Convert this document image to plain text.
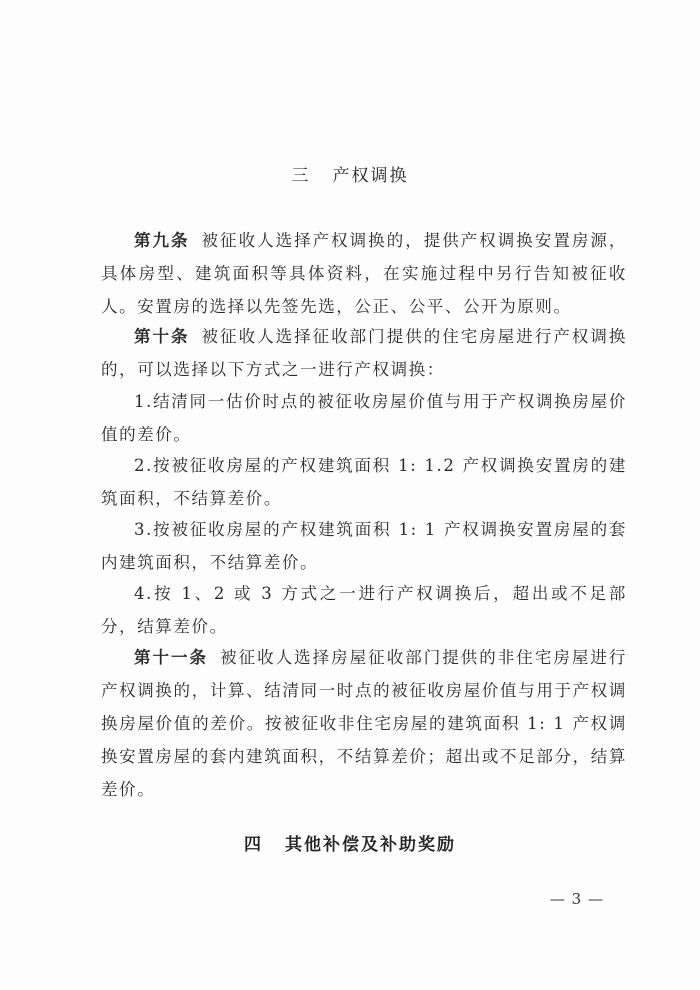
三 产权调换

第九条 被征收人选择产权调换的，提供产权调换安置房源，具体房型、建筑面积等具体资料，在实施过程中另行告知被征收人。安置房的选择以先签先选，公正、公平、公开为原则。

第十条 被征收人选择征收部门提供的住宅房屋进行产权调换的，可以选择以下方式之一进行产权调换：

1.结清同一估价时点的被征收房屋价值与用于产权调换房屋价值的差价。

2.按被征收房屋的产权建筑面积 1: 1.2 产权调换安置房的建筑面积，不结算差价。

3.按被征收房屋的产权建筑面积 1: 1 产权调换安置房屋的套内建筑面积，不结算差价。

4.按 1、2 或 3 方式之一进行产权调换后，超出或不足部分，结算差价。

第十一条 被征收人选择房屋征收部门提供的非住宅房屋进行产权调换的，计算、结清同一时点的被征收房屋价值与用于产权调换房屋价值的差价。按被征收非住宅房屋的建筑面积 1: 1 产权调换安置房屋的套内建筑面积，不结算差价；超出或不足部分，结算差价。

四 其他补偿及补助奖励
— 3 —
